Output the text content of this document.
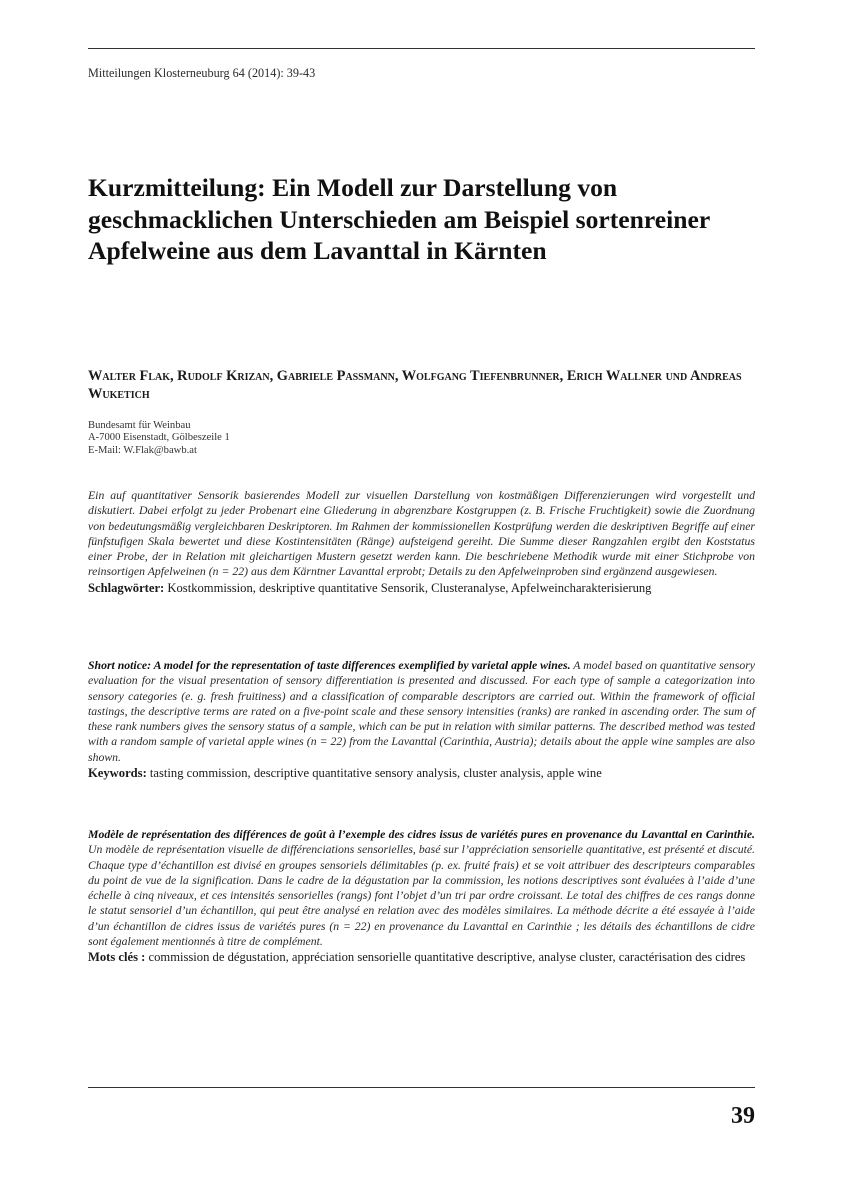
Mitteilungen Klosterneuburg 64 (2014): 39-43
Kurzmitteilung: Ein Modell zur Darstellung von geschmacklichen Unterschieden am Beispiel sortenreiner Apfelweine aus dem Lavanttal in Kärnten

Walter Flak, Rudolf Krizan, Gabriele Passmann, Wolfgang Tiefenbrunner, Erich Wallner und Andreas Wuketich

Bundesamt für Weinbau
A-7000 Eisenstadt, Gölbeszeile 1
E-Mail: W.Flak@bawb.at

Ein auf quantitativer Sensorik basierendes Modell zur visuellen Darstellung von kostmäßigen Differenzierungen wird vorgestellt und diskutiert. Dabei erfolgt zu jeder Probenart eine Gliederung in abgrenzbare Kostgruppen (z. B. Frische Fruchtigkeit) sowie die Zuordnung von bedeutungsmäßig vergleichbaren Deskriptoren. Im Rahmen der kommissionellen Kostprüfung werden die deskriptiven Begriffe auf einer fünfstufigen Skala bewertet und diese Kostintensitäten (Ränge) aufsteigend gereiht. Die Summe dieser Rangzahlen ergibt den Koststatus einer Probe, der in Relation mit gleichartigen Mustern gesetzt werden kann. Die beschriebene Methodik wurde mit einer Stichprobe von reinsortigen Apfelweinen (n = 22) aus dem Kärntner Lavanttal erprobt; Details zu den Apfelweinproben sind ergänzend ausgewiesen.

Schlagwörter: Kostkommission, deskriptive quantitative Sensorik, Clusteranalyse, Apfelweincharakterisierung

Short notice: A model for the representation of taste differences exemplified by varietal apple wines. A model based on quantitative sensory evaluation for the visual presentation of sensory differentiation is presented and discussed. For each type of sample a categorization into sensory categories (e. g. fresh fruitiness) and a classification of comparable descriptors are carried out. Within the framework of official tastings, the descriptive terms are rated on a five-point scale and these sensory intensities (ranks) are ranked in ascending order. The sum of these rank numbers gives the sensory status of a sample, which can be put in relation with similar patterns. The described method was tested with a random sample of varietal apple wines (n = 22) from the Lavanttal (Carinthia, Austria); details about the apple wine samples are also shown.

Keywords: tasting commission, descriptive quantitative sensory analysis, cluster analysis, apple wine

Modèle de représentation des différences de goût à l’exemple des cidres issus de variétés pures en provenance du Lavanttal en Carinthie. Un modèle de représentation visuelle de différenciations sensorielles, basé sur l’appréciation sensorielle quantitative, est présenté et discuté. Chaque type d’échantillon est divisé en groupes sensoriels délimitables (p. ex. fruité frais) et se voit attribuer des descripteurs comparables du point de vue de la signification. Dans le cadre de la dégustation par la commission, les notions descriptives sont évaluées à l’aide d’une échelle à cinq niveaux, et ces intensités sensorielles (rangs) font l’objet d’un tri par ordre croissant. Le total des chiffres de ces rangs donne le statut sensoriel d’un échantillon, qui peut être analysé en relation avec des modèles similaires. La méthode décrite a été essayée à l’aide d’un échantillon de cidres issus de variétés pures (n = 22) en provenance du Lavanttal en Carinthie ; les détails des échantillons de cidre sont également mentionnés à titre de complément.

Mots clés : commission de dégustation, appréciation sensorielle quantitative descriptive, analyse cluster, caractérisation des cidres

39
